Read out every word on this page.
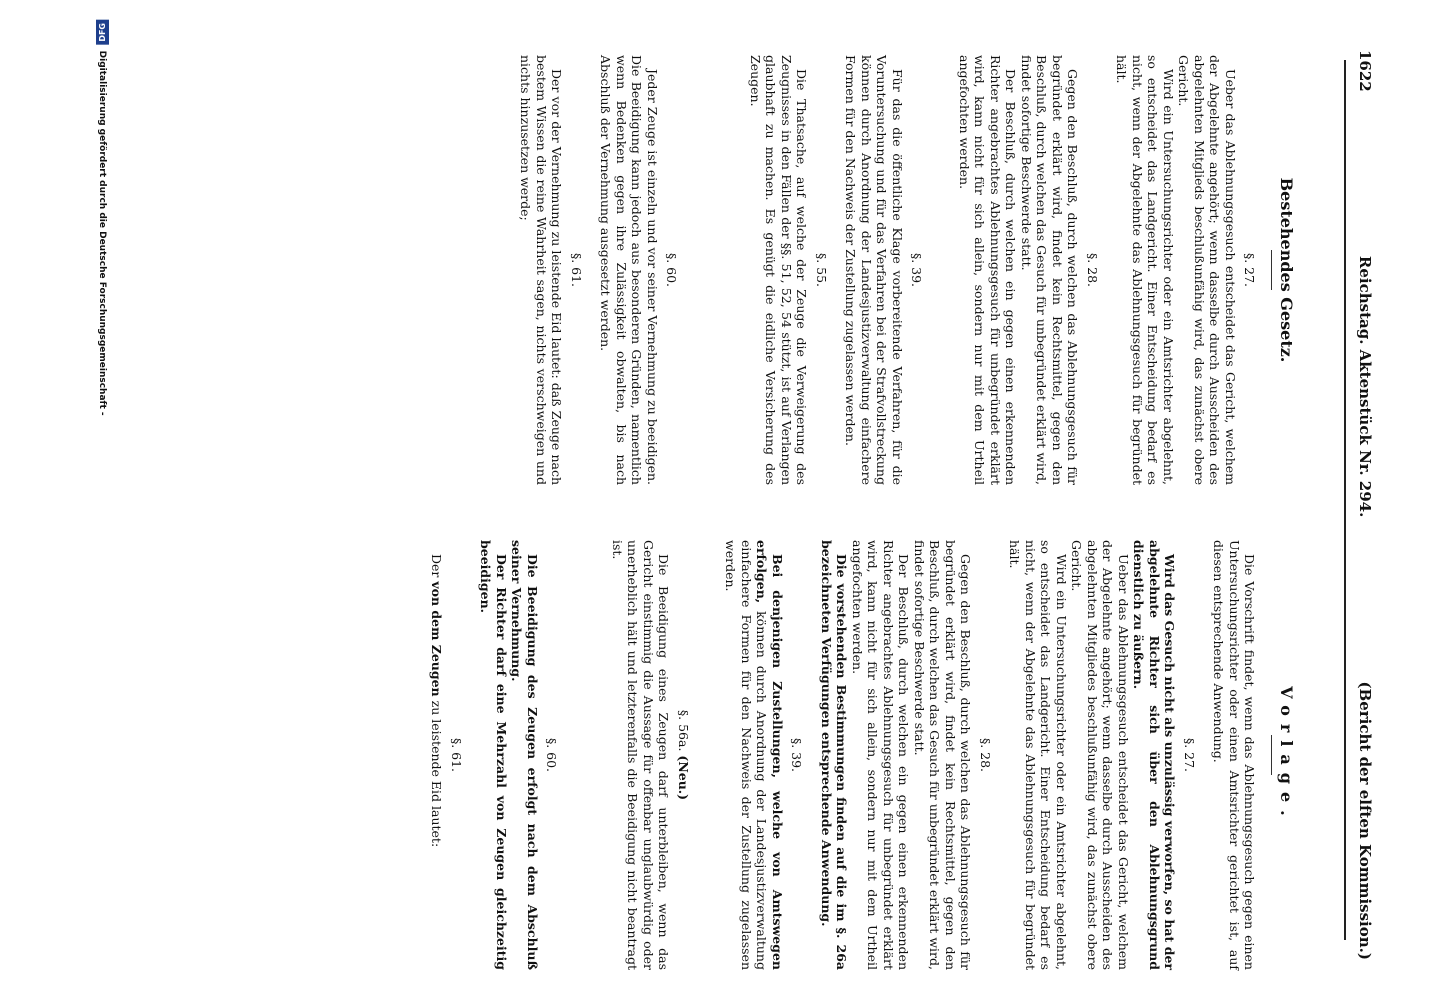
1622
Reichstag. Aktenstück Nr. 294.
(Bericht der elften Kommission.)
Bestehendes Gesetz.
§. 27.

Ueber das Ablehnungsgesuch entscheidet das Gericht, welchem der Abgelehnte angehört; wenn dasselbe durch Ausscheiden des abgelehnten Mitglieds beschlußunfähig wird, das zunächst obere Gericht.

Wird ein Untersuchungsrichter oder ein Amtsrichter abgelehnt, so entscheidet das Landgericht. Einer Entscheidung bedarf es nicht, wenn der Abgelehnte das Ablehnungsgesuch für begründet hält.

§. 28.

Gegen den Beschluß, durch welchen das Ablehnungsgesuch für begründet erklärt wird, findet kein Rechtsmittel, gegen den Beschluß, durch welchen das Gesuch für unbegründet erklärt wird, findet sofortige Beschwerde statt.

Der Beschluß, durch welchen ein gegen einen erkennenden Richter angebrachtes Ablehnungsgesuch für unbegründet erklärt wird, kann nicht für sich allein, sondern nur mit dem Urtheil angefochten werden.

§. 39.

Für das die öffentliche Klage vorbereitende Verfahren, für die Voruntersuchung und für das Verfahren bei der Strafvollstreckung können durch Anordnung der Landesjustizverwaltung einfachere Formen für den Nachweis der Zustellung zugelassen werden.

§. 55.

Die Thatsache, auf welche der Zeuge die Verweigerung des Zeugnisses in den Fällen der §§. 51, 52, 54 stützt, ist auf Verlangen glaubhaft zu machen. Es genügt die eidliche Versicherung des Zeugen.

§. 60.

Jeder Zeuge ist einzeln und vor seiner Vernehmung zu beeidigen. Die Beeidigung kann jedoch aus besonderen Gründen, namentlich wenn Bedenken gegen ihre Zulässigkeit obwalten, bis nach Abschluß der Vernehmung ausgesetzt werden.

§. 61.

Der vor der Vernehmung zu leistende Eid lautet: daß Zeuge nach bestem Wissen die reine Wahrheit sagen, nichts verschweigen und nichts hinzusetzen werde;

Vorlage.

Die Vorschrift findet, wenn das Ablehnungsgesuch gegen einen Untersuchungsrichter oder einen Amtsrichter gerichtet ist, auf diesen entsprechende Anwendung.

§. 27.

Wird das Gesuch nicht als unzulässig verworfen, so hat der abgelehnte Richter sich über den Ablehnungsgrund dienstlich zu äußern.

Ueber das Ablehnungsgesuch entscheidet das Gericht, welchem der Abgelehnte angehört; wenn dasselbe durch Ausscheiden des abgelehnten Mitgliedes beschlußunfähig wird, das zunächst obere Gericht.

Wird ein Untersuchungsrichter oder ein Amtsrichter abgelehnt, so entscheidet das Landgericht. Einer Entscheidung bedarf es nicht, wenn der Abgelehnte das Ablehnungsgesuch für begründet hält.

§. 28.

Gegen den Beschluß, durch welchen das Ablehnungsgesuch für begründet erklärt wird, findet kein Rechtsmittel, gegen den Beschluß, durch welchen das Gesuch für unbegründet erklärt wird, findet sofortige Beschwerde statt.

Der Beschluß, durch welchen ein gegen einen erkennenden Richter angebrachtes Ablehnungsgesuch für unbegründet erklärt wird, kann nicht für sich allein, sondern nur mit dem Urtheil angefochten werden.

Die vorstehenden Bestimmungen finden auf die im §. 26a bezeichneten Verfügungen entsprechende Anwendung.

§. 39.

Bei denjenigen Zustellungen, welche von Amtswegen erfolgen, können durch Anordnung der Landesjustizverwaltung einfachere Formen für den Nachweis der Zustellung zugelassen werden.

§. 56a. (Neu.)

Die Beeidigung eines Zeugen darf unterbleiben, wenn das Gericht einstimmig die Aussage für offenbar unglaubwürdig oder unerheblich hält und letzterenfalls die Beeidigung nicht beantragt ist.

§. 60.

Die Beeidigung des Zeugen erfolgt nach dem Abschluß seiner Vernehmung.

Der Richter darf eine Mehrzahl von Zeugen gleichzeitig beeidigen.

§. 61.

Der von dem Zeugen zu leistende Eid lautet:

DFG
Digitalisierung gefördert durch die Deutsche Forschungsgemeinschaft -
